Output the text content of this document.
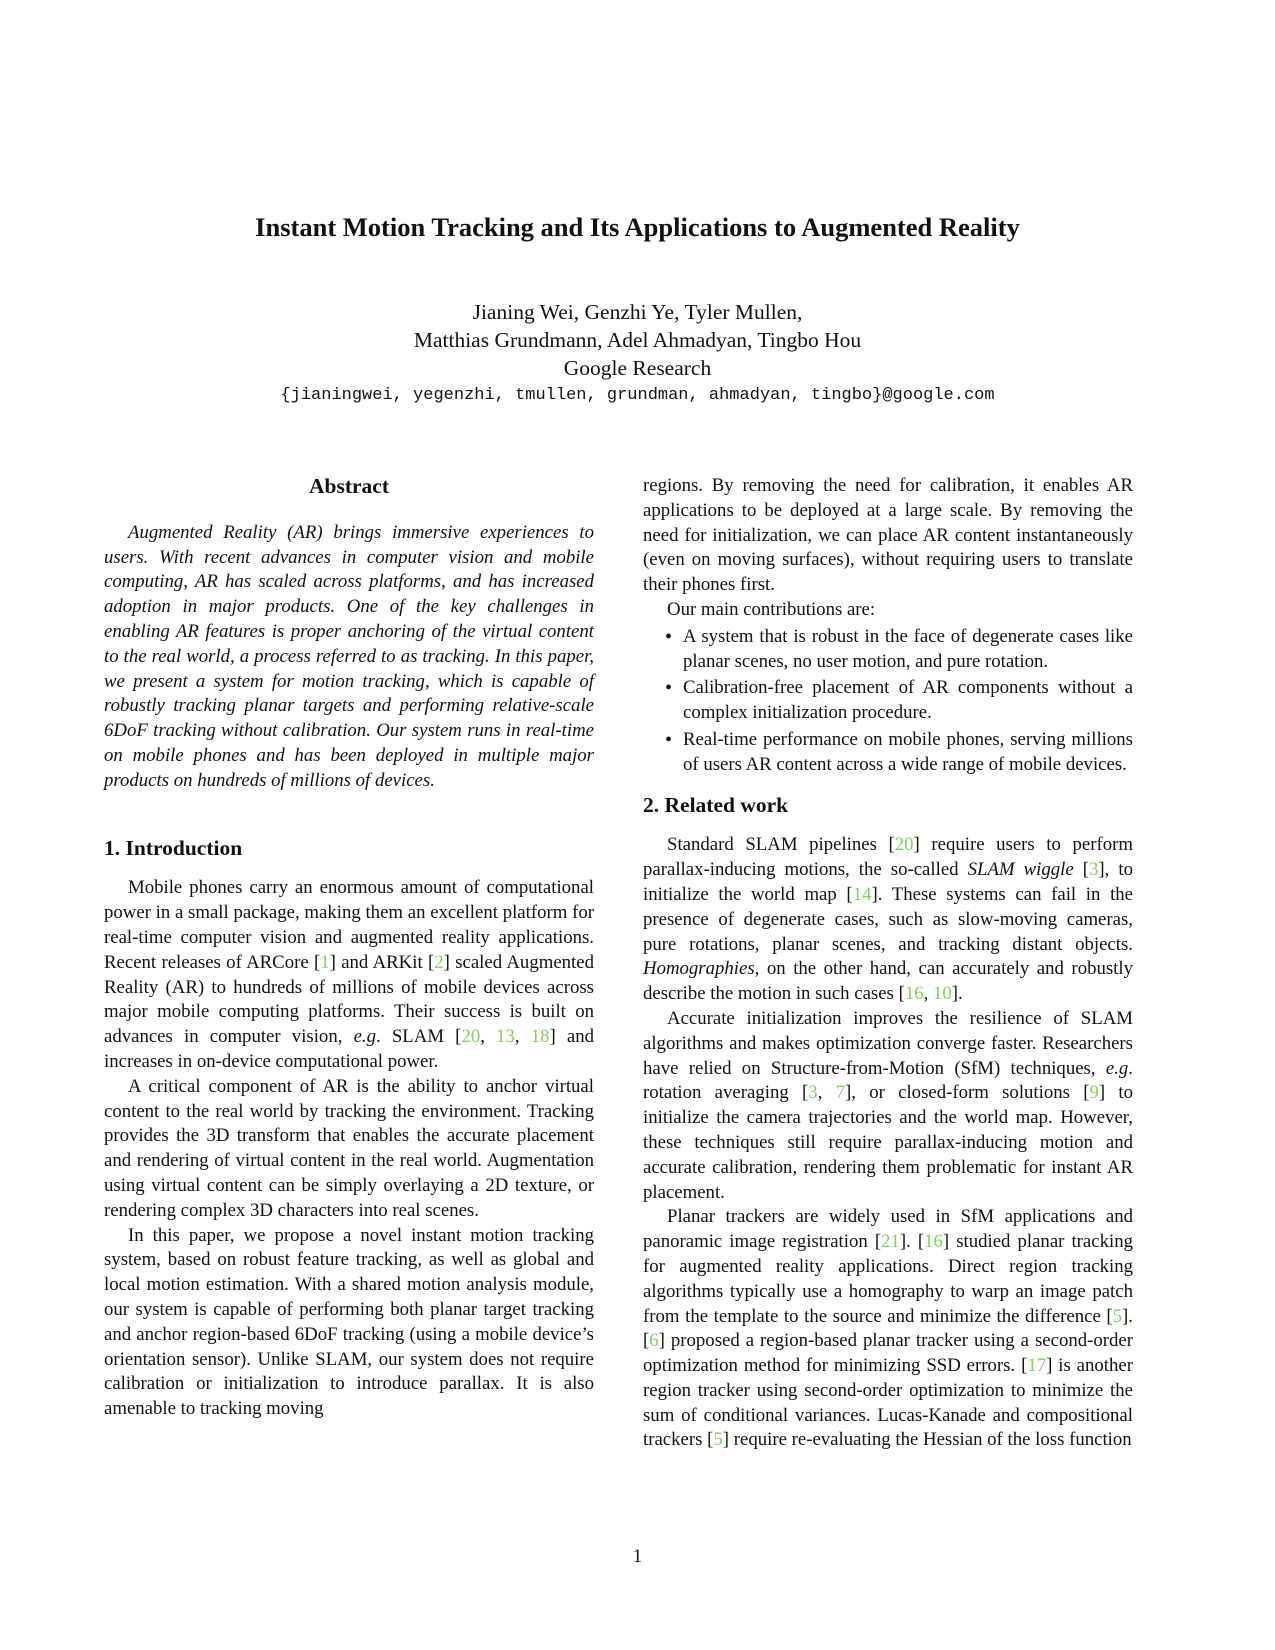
Instant Motion Tracking and Its Applications to Augmented Reality
Jianing Wei, Genzhi Ye, Tyler Mullen,
Matthias Grundmann, Adel Ahmadyan, Tingbo Hou
Google Research
{jianingwei, yegenzhi, tmullen, grundman, ahmadyan, tingbo}@google.com
Abstract

Augmented Reality (AR) brings immersive experiences to users. With recent advances in computer vision and mobile computing, AR has scaled across platforms, and has increased adoption in major products. One of the key challenges in enabling AR features is proper anchoring of the virtual content to the real world, a process referred to as tracking. In this paper, we present a system for motion tracking, which is capable of robustly tracking planar targets and performing relative-scale 6DoF tracking without calibration. Our system runs in real-time on mobile phones and has been deployed in multiple major products on hundreds of millions of devices.

1. Introduction

Mobile phones carry an enormous amount of computational power in a small package, making them an excellent platform for real-time computer vision and augmented reality applications. Recent releases of ARCore [1] and ARKit [2] scaled Augmented Reality (AR) to hundreds of millions of mobile devices across major mobile computing platforms. Their success is built on advances in computer vision, e.g. SLAM [20, 13, 18] and increases in on-device computational power.

A critical component of AR is the ability to anchor virtual content to the real world by tracking the environment. Tracking provides the 3D transform that enables the accurate placement and rendering of virtual content in the real world. Augmentation using virtual content can be simply overlaying a 2D texture, or rendering complex 3D characters into real scenes.

In this paper, we propose a novel instant motion tracking system, based on robust feature tracking, as well as global and local motion estimation. With a shared motion analysis module, our system is capable of performing both planar target tracking and anchor region-based 6DoF tracking (using a mobile device’s orientation sensor). Unlike SLAM, our system does not require calibration or initialization to introduce parallax. It is also amenable to tracking moving

regions. By removing the need for calibration, it enables AR applications to be deployed at a large scale. By removing the need for initialization, we can place AR content instantaneously (even on moving surfaces), without requiring users to translate their phones first.

Our main contributions are:

• A system that is robust in the face of degenerate cases like planar scenes, no user motion, and pure rotation.
• Calibration-free placement of AR components without a complex initialization procedure.
• Real-time performance on mobile phones, serving millions of users AR content across a wide range of mobile devices.
2. Related work

Standard SLAM pipelines [20] require users to perform parallax-inducing motions, the so-called SLAM wiggle [3], to initialize the world map [14]. These systems can fail in the presence of degenerate cases, such as slow-moving cameras, pure rotations, planar scenes, and tracking distant objects. Homographies, on the other hand, can accurately and robustly describe the motion in such cases [16, 10].

Accurate initialization improves the resilience of SLAM algorithms and makes optimization converge faster. Researchers have relied on Structure-from-Motion (SfM) techniques, e.g. rotation averaging [3, 7], or closed-form solutions [9] to initialize the camera trajectories and the world map. However, these techniques still require parallax-inducing motion and accurate calibration, rendering them problematic for instant AR placement.

Planar trackers are widely used in SfM applications and panoramic image registration [21]. [16] studied planar tracking for augmented reality applications. Direct region tracking algorithms typically use a homography to warp an image patch from the template to the source and minimize the difference [5]. [6] proposed a region-based planar tracker using a second-order optimization method for minimizing SSD errors. [17] is another region tracker using second-order optimization to minimize the sum of conditional variances. Lucas-Kanade and compositional trackers [5] require re-evaluating the Hessian of the loss function

1
